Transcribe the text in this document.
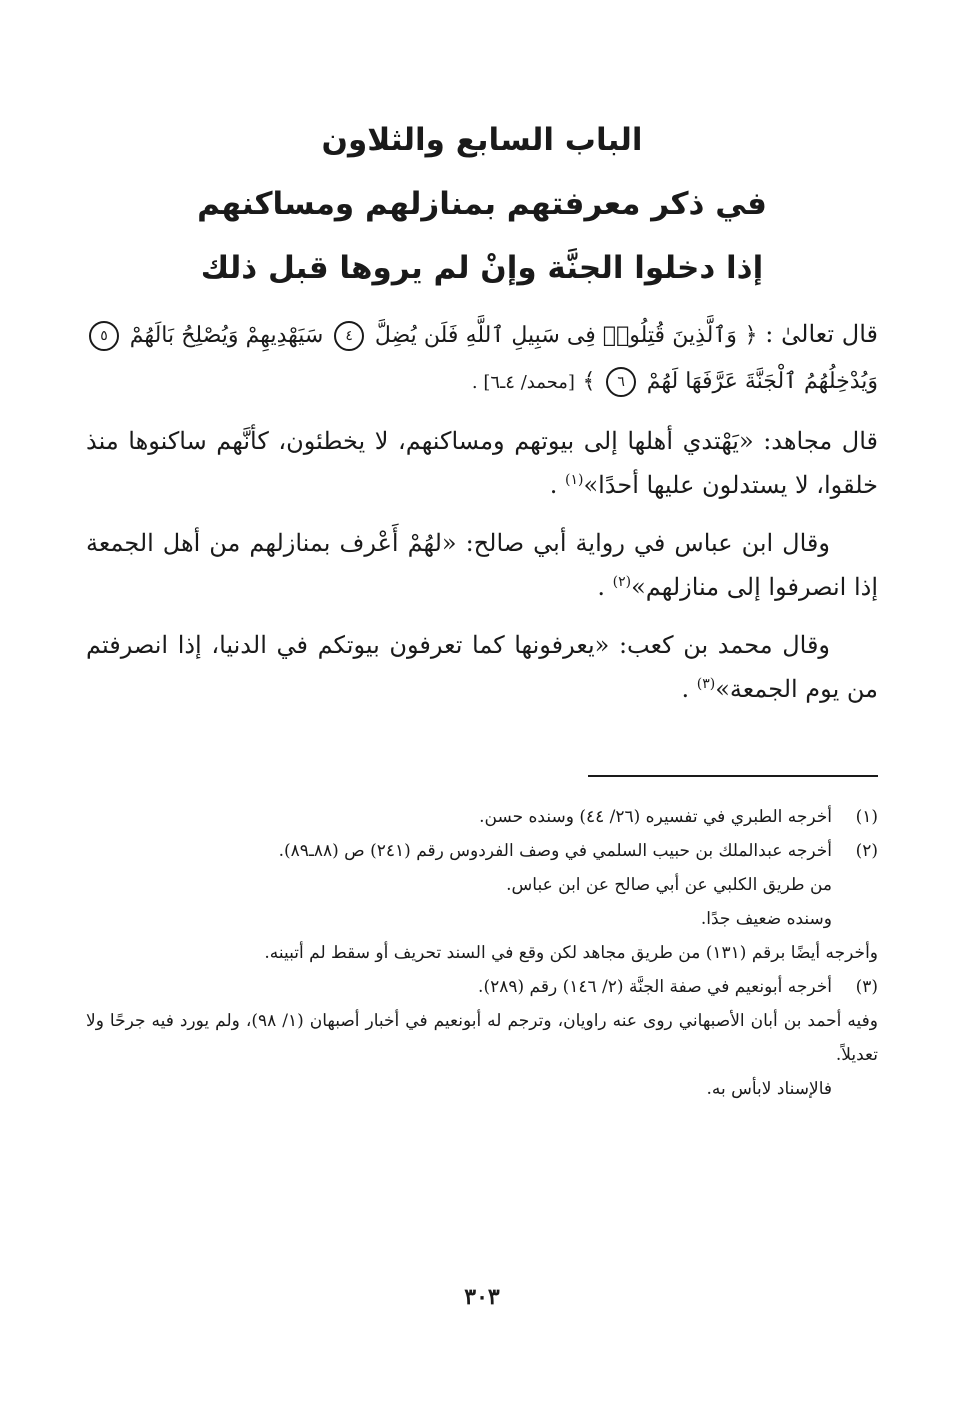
الباب السابع والثلاون
في ذكر معرفتهم بمنازلهم ومساكنهم
إذا دخلوا الجنَّة وإنْ لم يروها قبل ذلك

قال تعالىٰ : ﴿ وَٱلَّذِينَ قُتِلُوا۟ فِى سَبِيلِ ٱللَّهِ فَلَن يُضِلَّ ٤ سَيَهْدِيهِمْ وَيُصْلِحُ بَالَهُمْ ٥ وَيُدْخِلُهُمُ ٱلْجَنَّةَ عَرَّفَهَا لَهُمْ ٦ ﴾ [محمد/ ٤ـ٦] .

قال مجاهد: «يَهْتدي أهلها إلى بيوتهم ومساكنهم، لا يخطئون، كأنَّهم ساكنوها منذ خلقوا، لا يستدلون عليها أحدًا»$^{(١)}$ .

وقال ابن عباس في رواية أبي صالح: «لهُمْ أَعْرف بمنازلهم من أهل الجمعة إذا انصرفوا إلى منازلهم»$^{(٢)}$ .

وقال محمد بن كعب: «يعرفونها كما تعرفون بيوتكم في الدنيا، إذا انصرفتم من يوم الجمعة»$^{(٣)}$ .

(١)
أخرجه الطبري في تفسيره (٢٦/ ٤٤) وسنده حسن.
(٢)
أخرجه عبدالملك بن حبيب السلمي في وصف الفردوس رقم (٢٤١) ص (٨٨ـ٨٩).

من طريق الكلبي عن أبي صالح عن ابن عباس.

وسنده ضعيف جدًا.

وأخرجه أيضًا برقم (١٣١) من طريق مجاهد لكن وقع في السند تحريف أو سقط لم أتبينه.

(٣)
أخرجه أبونعيم في صفة الجنَّة (٢/ ١٤٦) رقم (٢٨٩).

وفيه أحمد بن أبان الأصبهاني روى عنه راويان، وترجم له أبونعيم في أخبار أصبهان (١/ ٩٨)، ولم يورد فيه جرحًا ولا تعديلاً.

فالإسناد لابأس به.

٣٠٣
